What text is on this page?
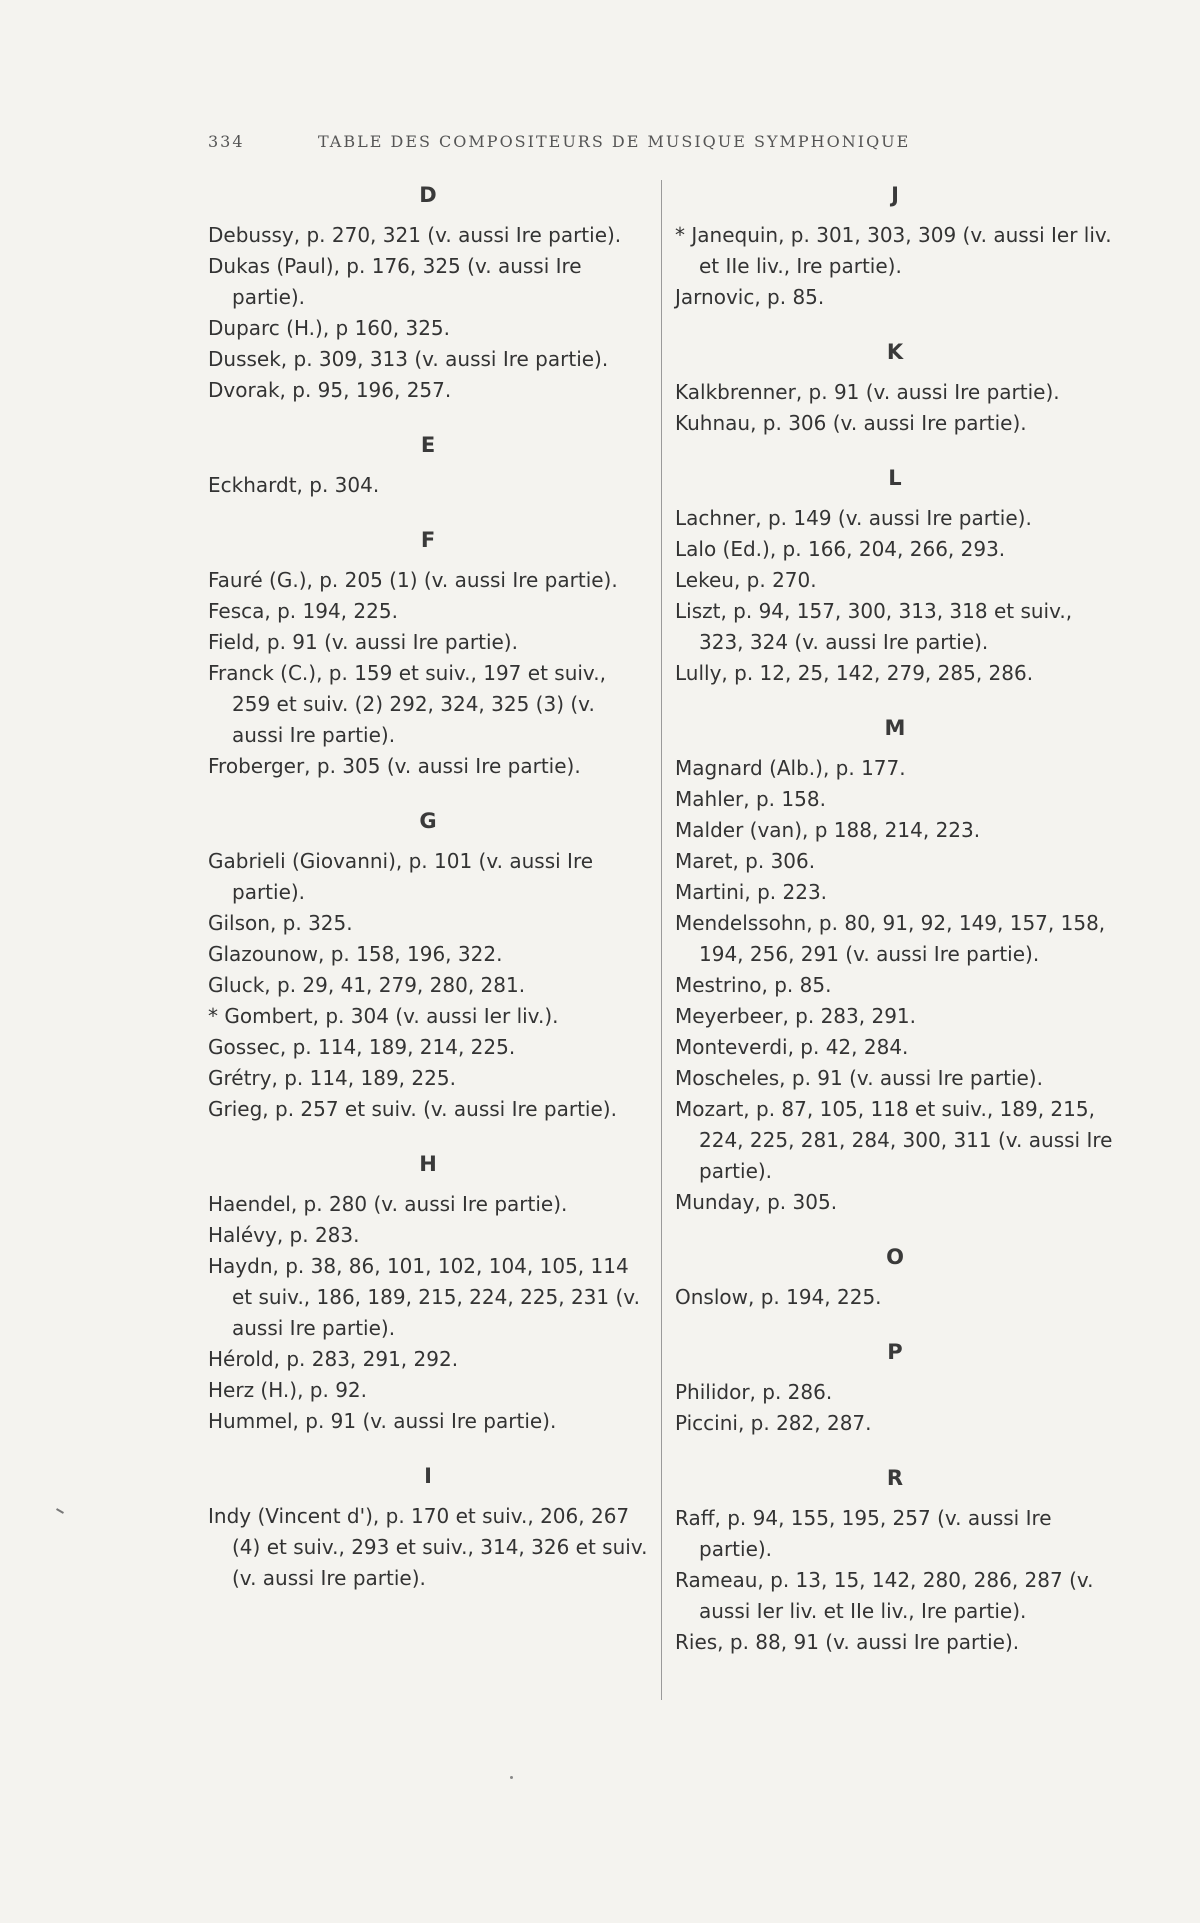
334	TABLE DES COMPOSITEURS DE MUSIQUE SYMPHONIQUE
D

Debussy, p. 270, 321 (v. aussi Ire partie).

Dukas (Paul), p. 176, 325 (v. aussi Ire partie).

Duparc (H.), p 160, 325.

Dussek, p. 309, 313 (v. aussi Ire partie).

Dvorak, p. 95, 196, 257.

E

Eckhardt, p. 304.

F

Fauré (G.), p. 205 (1) (v. aussi Ire partie).

Fesca, p. 194, 225.

Field, p. 91 (v. aussi Ire partie).

Franck (C.), p. 159 et suiv., 197 et suiv., 259 et suiv. (2) 292, 324, 325 (3) (v. aussi Ire partie).

Froberger, p. 305 (v. aussi Ire partie).

G

Gabrieli (Giovanni), p. 101 (v. aussi Ire partie).

Gilson, p. 325.

Glazounow, p. 158, 196, 322.

Gluck, p. 29, 41, 279, 280, 281.

* Gombert, p. 304 (v. aussi Ier liv.).

Gossec, p. 114, 189, 214, 225.

Grétry, p. 114, 189, 225.

Grieg, p. 257 et suiv. (v. aussi Ire partie).

H

Haendel, p. 280 (v. aussi Ire partie).

Halévy, p. 283.

Haydn, p. 38, 86, 101, 102, 104, 105, 114 et suiv., 186, 189, 215, 224, 225, 231 (v. aussi Ire partie).

Hérold, p. 283, 291, 292.

Herz (H.), p. 92.

Hummel, p. 91 (v. aussi Ire partie).

I

Indy (Vincent d'), p. 170 et suiv., 206, 267 (4) et suiv., 293 et suiv., 314, 326 et suiv. (v. aussi Ire partie).

J

* Janequin, p. 301, 303, 309 (v. aussi Ier liv. et IIe liv., Ire partie).

Jarnovic, p. 85.

K

Kalkbrenner, p. 91 (v. aussi Ire partie).

Kuhnau, p. 306 (v. aussi Ire partie).

L

Lachner, p. 149 (v. aussi Ire partie).

Lalo (Ed.), p. 166, 204, 266, 293.

Lekeu, p. 270.

Liszt, p. 94, 157, 300, 313, 318 et suiv., 323, 324 (v. aussi Ire partie).

Lully, p. 12, 25, 142, 279, 285, 286.

M

Magnard (Alb.), p. 177.

Mahler, p. 158.

Malder (van), p 188, 214, 223.

Maret, p. 306.

Martini, p. 223.

Mendelssohn, p. 80, 91, 92, 149, 157, 158, 194, 256, 291 (v. aussi Ire partie).

Mestrino, p. 85.

Meyerbeer, p. 283, 291.

Monteverdi, p. 42, 284.

Moscheles, p. 91 (v. aussi Ire partie).

Mozart, p. 87, 105, 118 et suiv., 189, 215, 224, 225, 281, 284, 300, 311 (v. aussi Ire partie).

Munday, p. 305.

O

Onslow, p. 194, 225.

P

Philidor, p. 286.

Piccini, p. 282, 287.

R

Raff, p. 94, 155, 195, 257 (v. aussi Ire partie).

Rameau, p. 13, 15, 142, 280, 286, 287 (v. aussi Ier liv. et IIe liv., Ire partie).

Ries, p. 88, 91 (v. aussi Ire partie).
